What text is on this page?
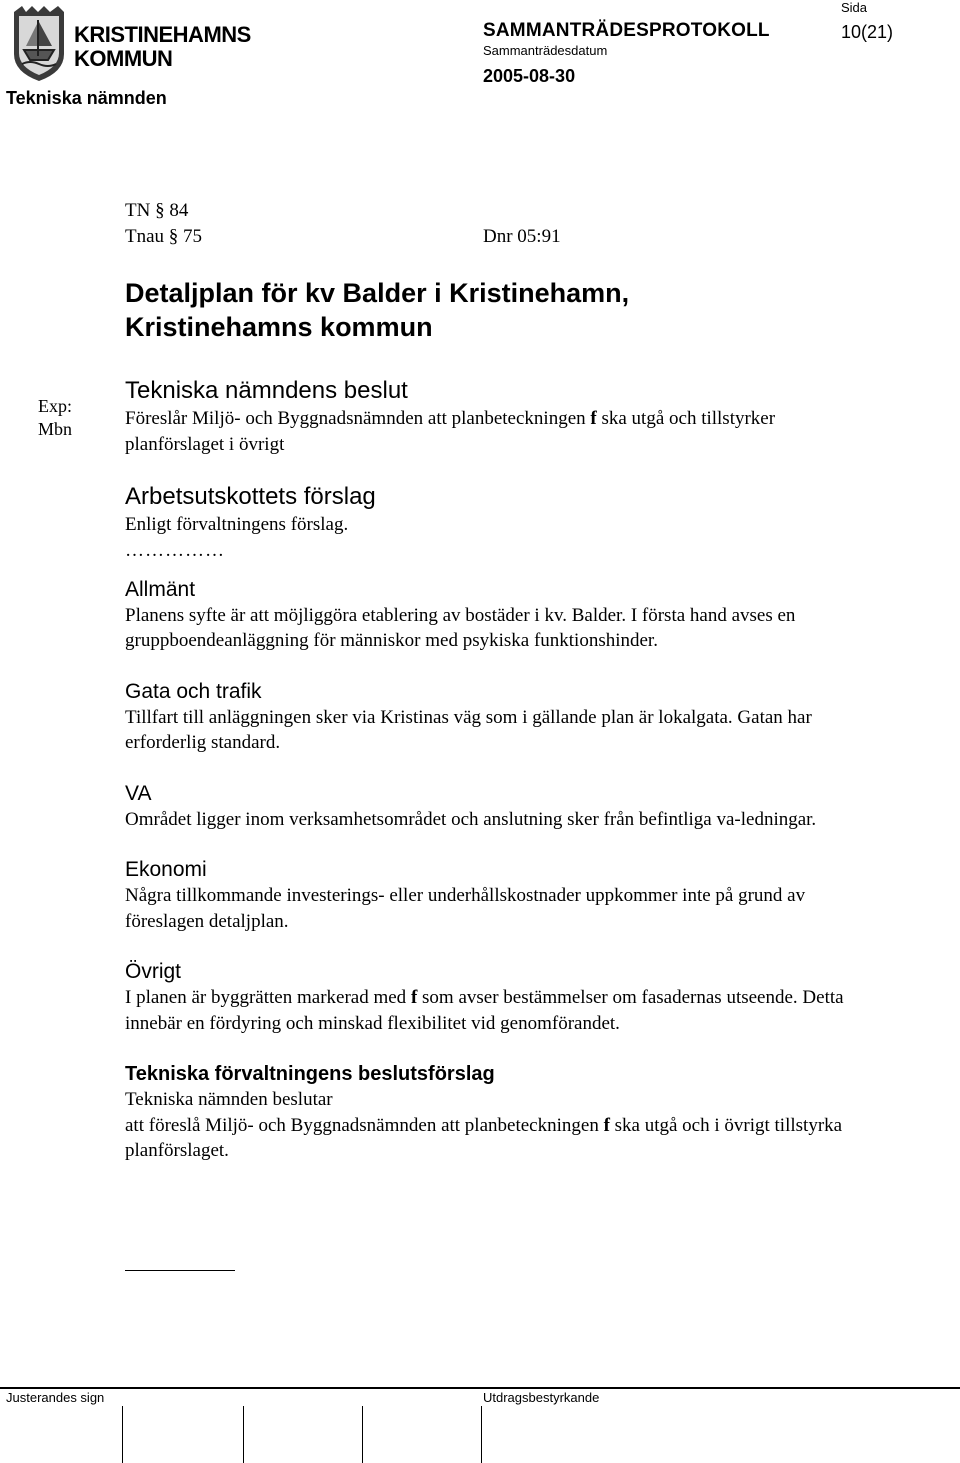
KRISTINEHAMNS
KOMMUN
Tekniska nämnden
SAMMANTRÄDESPROTOKOLL
Sammanträdesdatum
2005-08-30
Sida
10(21)
TN § 84
Tnau § 75	Dnr 05:91
Detaljplan för kv Balder i Kristinehamn,
Kristinehamns kommun
Exp:
Mbn
Tekniska nämndens beslut

Föreslår Miljö- och Byggnadsnämnden att planbeteckningen f ska utgå och tillstyrker planförslaget i övrigt

Arbetsutskottets förslag

Enligt förvaltningens förslag.

……………
Allmänt

Planens syfte är att möjliggöra etablering av bostäder i kv. Balder. I första hand avses en gruppboendeanläggning för människor med psykiska funktionshinder.

Gata och trafik

Tillfart till anläggningen sker via Kristinas väg som i gällande plan är lokalgata. Gatan har erforderlig standard.

VA

Området ligger inom verksamhetsområdet och anslutning sker från befintliga va-ledningar.

Ekonomi

Några tillkommande investerings- eller underhållskostnader uppkommer inte på grund av föreslagen detaljplan.

Övrigt

I planen är byggrätten markerad med f som avser bestämmelser om fasadernas utseende. Detta innebär en fördyring och minskad flexibilitet vid genomförandet.

Tekniska förvaltningens beslutsförslag

Tekniska nämnden beslutar

att föreslå Miljö- och Byggnadsnämnden att planbeteckningen f ska utgå och i övrigt tillstyrka planförslaget.

Justerandes sign	Utdragsbestyrkande
